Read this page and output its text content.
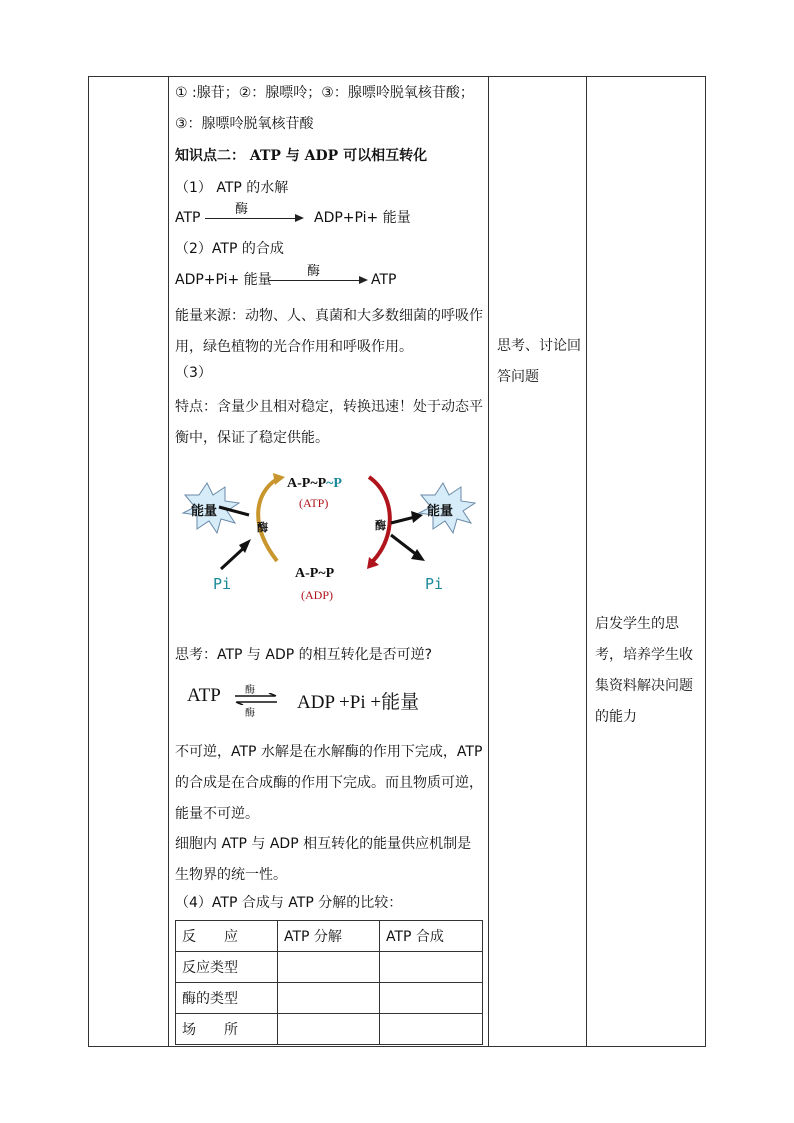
① :腺苷；②：腺嘌呤；③：腺嘌呤脱氧核苷酸；
③：腺嘌呤脱氧核苷酸
知识点二： ATP 与 ADP 可以相互转化
（1） ATP 的水解
ATP
酶
ADP+Pi+ 能量
（2）ATP 的合成
ADP+Pi+ 能量
酶
ATP
能量来源：动物、人、真菌和大多数细菌的呼吸作用，绿色植物的光合作用和呼吸作用。
（3）
特点：含量少且相对稳定，转换迅速！处于动态平衡中，保证了稳定供能。
能量	能量
A-P~P~P
(ATP)
A-P~P
(ADP)
酶
Pi
酶
Pi
思考：ATP 与 ADP 的相互转化是否可逆?
ATP 酶
酶
ADP +Pi +能量
不可逆，ATP 水解是在水解酶的作用下完成，ATP 的合成是在合成酶的作用下完成。而且物质可逆，能量不可逆。
细胞内 ATP 与 ADP 相互转化的能量供应机制是生物界的统一性。
（4）ATP 合成与 ATP 分解的比较：
反　　应	ATP 分解	ATP 合成
反应类型		
酶的类型		
场　　所		
思考、讨论回答问题
启发学生的思考，培养学生收集资料解决问题的能力
